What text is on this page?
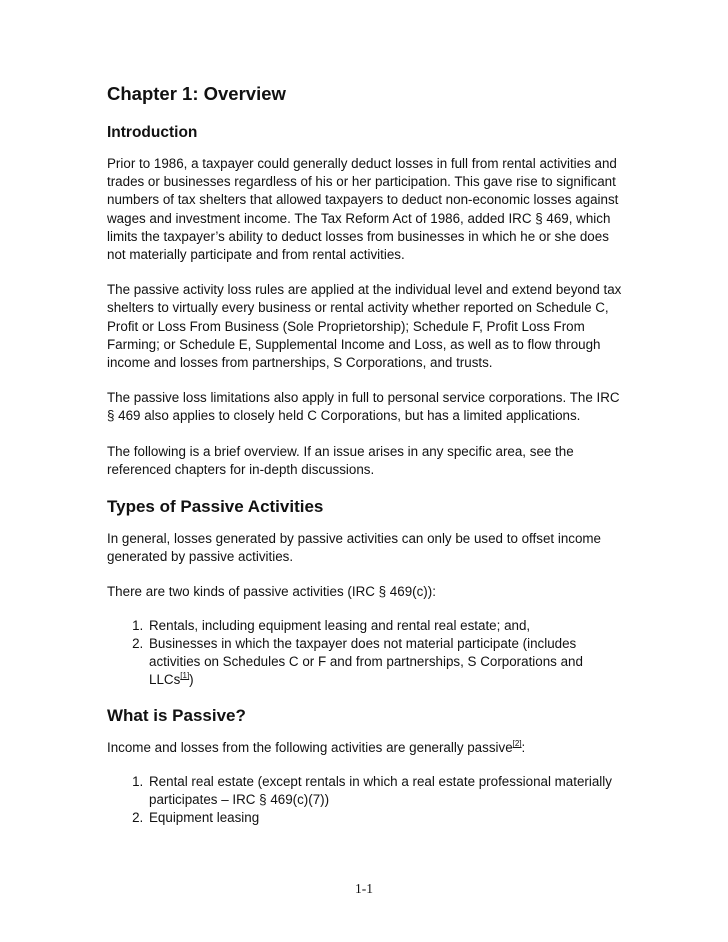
Chapter 1: Overview
Introduction

Prior to 1986, a taxpayer could generally deduct losses in full from rental activities and trades or businesses regardless of his or her participation. This gave rise to significant numbers of tax shelters that allowed taxpayers to deduct non-economic losses against wages and investment income. The Tax Reform Act of 1986, added IRC § 469, which limits the taxpayer’s ability to deduct losses from businesses in which he or she does not materially participate and from rental activities.

The passive activity loss rules are applied at the individual level and extend beyond tax shelters to virtually every business or rental activity whether reported on Schedule C, Profit or Loss From Business (Sole Proprietorship); Schedule F, Profit Loss From Farming; or Schedule E, Supplemental Income and Loss, as well as to flow through income and losses from partnerships, S Corporations, and trusts.

The passive loss limitations also apply in full to personal service corporations. The IRC § 469 also applies to closely held C Corporations, but has a limited applications.

The following is a brief overview. If an issue arises in any specific area, see the referenced chapters for in-depth discussions.

Types of Passive Activities

In general, losses generated by passive activities can only be used to offset income generated by passive activities.

There are two kinds of passive activities (IRC § 469(c)):

1. Rentals, including equipment leasing and rental real estate; and,
2. Businesses in which the taxpayer does not material participate (includes activities on Schedules C or F and from partnerships, S Corporations and LLCs[1])
What is Passive?

Income and losses from the following activities are generally passive[2]:

1. Rental real estate (except rentals in which a real estate professional materially participates – IRC § 469(c)(7))
2. Equipment leasing
1-1
